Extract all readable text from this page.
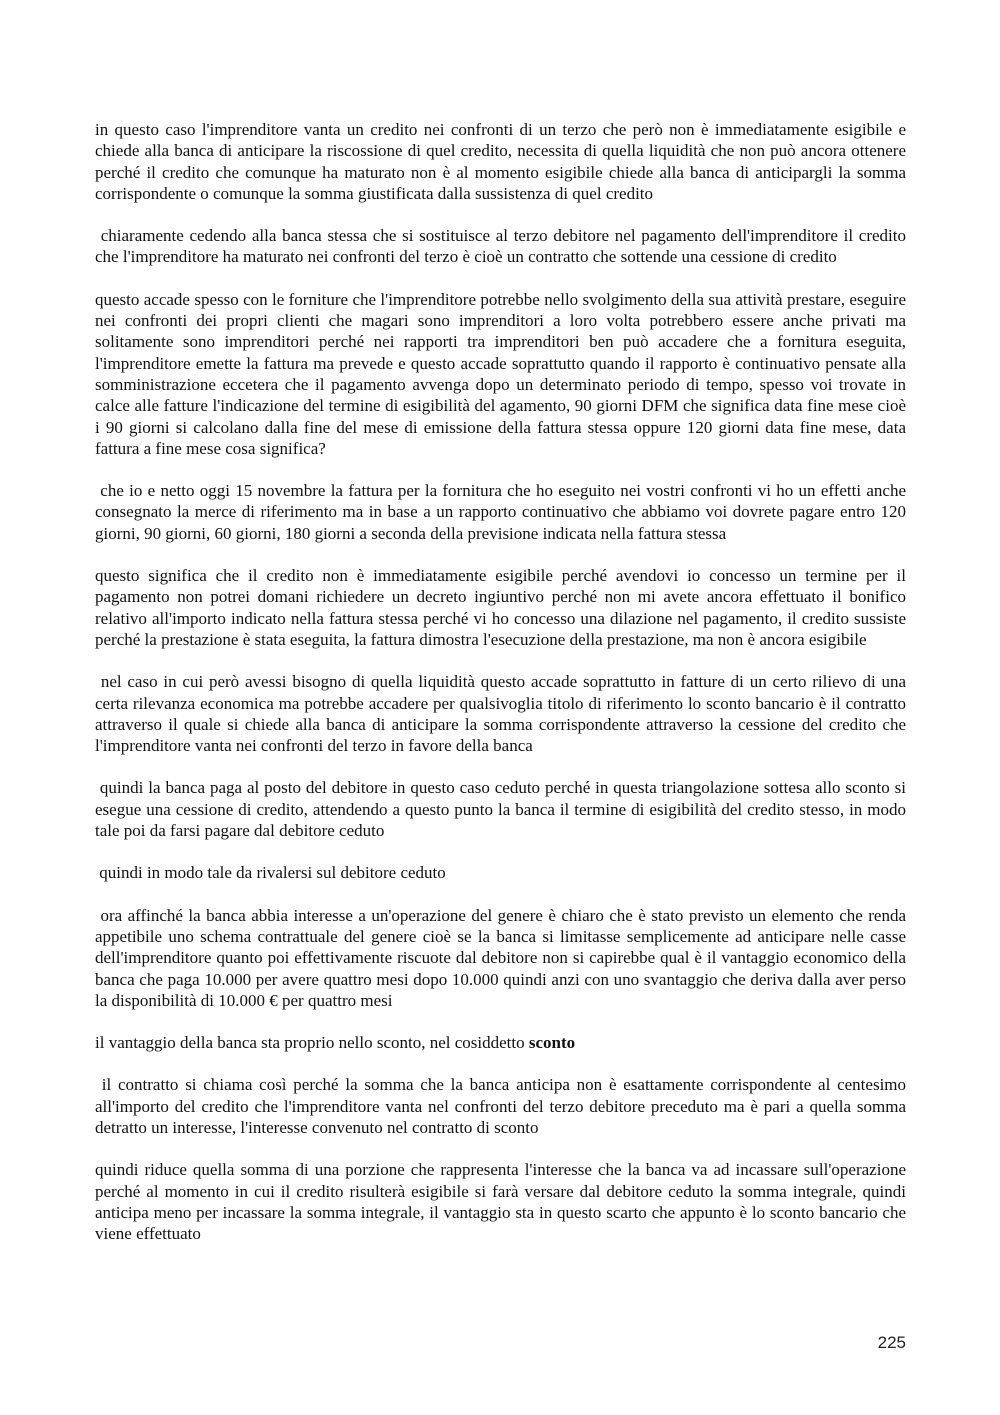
in questo caso l'imprenditore vanta un credito nei confronti di un terzo che però non è immediatamente esigibile e chiede alla banca di anticipare la riscossione di quel credito, necessita di quella liquidità che non può ancora ottenere perché il credito che comunque ha maturato non è al momento esigibile chiede alla banca di anticipargli la somma corrispondente o comunque la somma giustificata dalla sussistenza di quel credito

chiaramente cedendo alla banca stessa che si sostituisce al terzo debitore nel pagamento dell'imprenditore il credito che l'imprenditore ha maturato nei confronti del terzo è cioè un contratto che sottende una cessione di credito

questo accade spesso con le forniture che l'imprenditore potrebbe nello svolgimento della sua attività prestare, eseguire nei confronti dei propri clienti che magari sono imprenditori a loro volta potrebbero essere anche privati ma solitamente sono imprenditori perché nei rapporti tra imprenditori ben può accadere che a fornitura eseguita, l'imprenditore emette la fattura ma prevede e questo accade soprattutto quando il rapporto è continuativo pensate alla somministrazione eccetera che il pagamento avvenga dopo un determinato periodo di tempo, spesso voi trovate in calce alle fatture l'indicazione del termine di esigibilità del agamento, 90 giorni DFM che significa data fine mese cioè i 90 giorni si calcolano dalla fine del mese di emissione della fattura stessa oppure 120 giorni data fine mese, data fattura a fine mese cosa significa?

che io e netto oggi 15 novembre la fattura per la fornitura che ho eseguito nei vostri confronti vi ho un effetti anche consegnato la merce di riferimento ma in base a un rapporto continuativo che abbiamo voi dovrete pagare entro 120 giorni, 90 giorni, 60 giorni, 180 giorni a seconda della previsione indicata nella fattura stessa

questo significa che il credito non è immediatamente esigibile perché avendovi io concesso un termine per il pagamento non potrei domani richiedere un decreto ingiuntivo perché non mi avete ancora effettuato il bonifico relativo all'importo indicato nella fattura stessa perché vi ho concesso una dilazione nel pagamento, il credito sussiste perché la prestazione è stata eseguita, la fattura dimostra l'esecuzione della prestazione, ma non è ancora esigibile

nel caso in cui però avessi bisogno di quella liquidità questo accade soprattutto in fatture di un certo rilievo di una certa rilevanza economica ma potrebbe accadere per qualsivoglia titolo di riferimento lo sconto bancario è il contratto attraverso il quale si chiede alla banca di anticipare la somma corrispondente attraverso la cessione del credito che l'imprenditore vanta nei confronti del terzo in favore della banca

quindi la banca paga al posto del debitore in questo caso ceduto perché in questa triangolazione sottesa allo sconto si esegue una cessione di credito, attendendo a questo punto la banca il termine di esigibilità del credito stesso, in modo tale poi da farsi pagare dal debitore ceduto

quindi in modo tale da rivalersi sul debitore ceduto

ora affinché la banca abbia interesse a un'operazione del genere è chiaro che è stato previsto un elemento che renda appetibile uno schema contrattuale del genere cioè se la banca si limitasse semplicemente ad anticipare nelle casse dell'imprenditore quanto poi effettivamente riscuote dal debitore non si capirebbe qual è il vantaggio economico della banca che paga 10.000 per avere quattro mesi dopo 10.000 quindi anzi con uno svantaggio che deriva dalla aver perso la disponibilità di 10.000 € per quattro mesi

il vantaggio della banca sta proprio nello sconto, nel cosiddetto sconto

il contratto si chiama così perché la somma che la banca anticipa non è esattamente corrispondente al centesimo all'importo del credito che l'imprenditore vanta nel confronti del terzo debitore preceduto ma è pari a quella somma detratto un interesse, l'interesse convenuto nel contratto di sconto

quindi riduce quella somma di una porzione che rappresenta l'interesse che la banca va ad incassare sull'operazione perché al momento in cui il credito risulterà esigibile si farà versare dal debitore ceduto la somma integrale, quindi anticipa meno per incassare la somma integrale, il vantaggio sta in questo scarto che appunto è lo sconto bancario che viene effettuato

225
